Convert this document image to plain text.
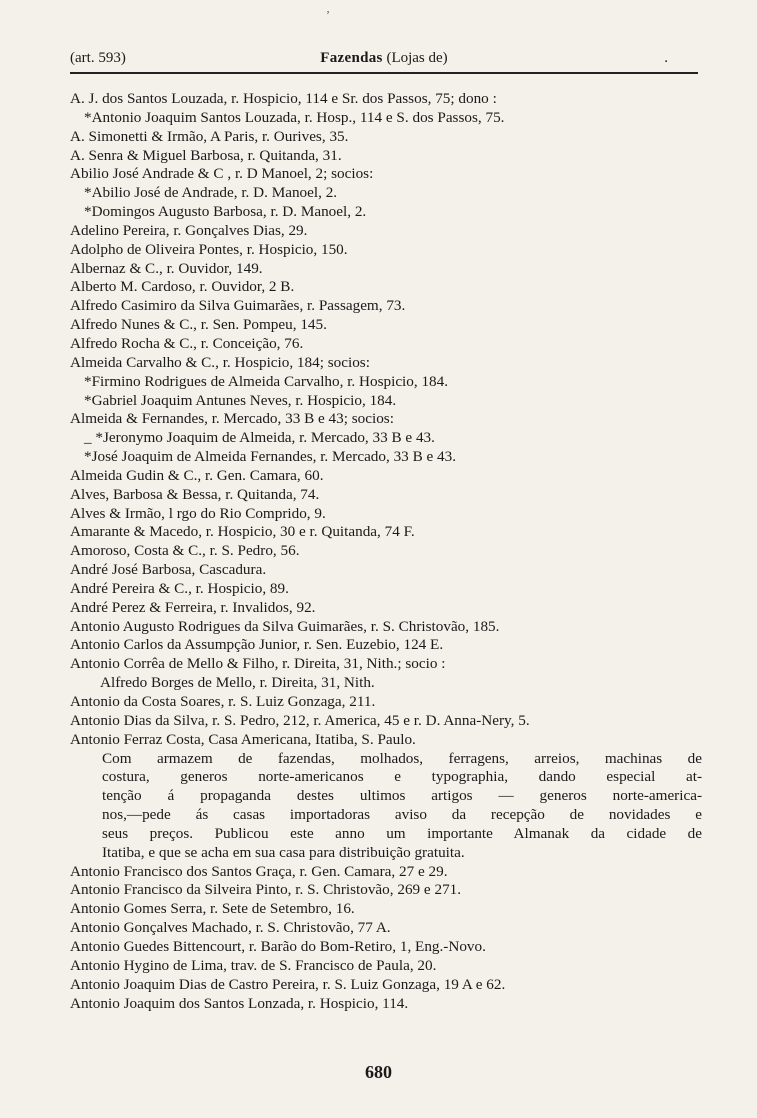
ʼ
(art. 593)	Fazendas (Lojas de)	.
A. J. dos Santos Louzada, r. Hospicio, 114 e Sr. dos Passos, 75; dono :
*Antonio Joaquim Santos Louzada, r. Hosp., 114 e S. dos Passos, 75.
A. Simonetti & Irmão, A Paris, r. Ourives, 35.
A. Senra & Miguel Barbosa, r. Quitanda, 31.
Abilio José Andrade & C , r. D Manoel, 2; socios:
*Abilio José de Andrade, r. D. Manoel, 2.
*Domingos Augusto Barbosa, r. D. Manoel, 2.
Adelino Pereira, r. Gonçalves Dias, 29.
Adolpho de Oliveira Pontes, r. Hospicio, 150.
Albernaz & C., r. Ouvidor, 149.
Alberto M. Cardoso, r. Ouvidor, 2 B.
Alfredo Casimiro da Silva Guimarães, r. Passagem, 73.
Alfredo Nunes & C., r. Sen. Pompeu, 145.
Alfredo Rocha & C., r. Conceição, 76.
Almeida Carvalho & C., r. Hospicio, 184; socios:
*Firmino Rodrigues de Almeida Carvalho, r. Hospicio, 184.
*Gabriel Joaquim Antunes Neves, r. Hospicio, 184.
Almeida & Fernandes, r. Mercado, 33 B e 43; socios:
_ *Jeronymo Joaquim de Almeida, r. Mercado, 33 B e 43.
*José Joaquim de Almeida Fernandes, r. Mercado, 33 B e 43.
Almeida Gudin & C., r. Gen. Camara, 60.
Alves, Barbosa & Bessa, r. Quitanda, 74.
Alves & Irmão, l rgo do Rio Comprido, 9.
Amarante & Macedo, r. Hospicio, 30 e r. Quitanda, 74 F.
Amoroso, Costa & C., r. S. Pedro, 56.
André José Barbosa, Cascadura.
André Pereira & C., r. Hospicio, 89.
André Perez & Ferreira, r. Invalidos, 92.
Antonio Augusto Rodrigues da Silva Guimarães, r. S. Christovão, 185.
Antonio Carlos da Assumpção Junior, r. Sen. Euzebio, 124 E.
Antonio Corrêa de Mello & Filho, r. Direita, 31, Nith.; socio :
Alfredo Borges de Mello, r. Direita, 31, Nith.
Antonio da Costa Soares, r. S. Luiz Gonzaga, 211.
Antonio Dias da Silva, r. S. Pedro, 212, r. America, 45 e r. D. Anna-Nery, 5.
Antonio Ferraz Costa, Casa Americana, Itatiba, S. Paulo.
Com armazem de fazendas, molhados, ferragens, arreios, machinas de
costura, generos norte-americanos e typographia, dando especial at-
tenção á propaganda destes ultimos artigos — generos norte-america-
nos,—pede ás casas importadoras aviso da recepção de novidades e
seus preços. Publicou este anno um importante Almanak da cidade de
Itatiba, e que se acha em sua casa para distribuição gratuita.
Antonio Francisco dos Santos Graça, r. Gen. Camara, 27 e 29.
Antonio Francisco da Silveira Pinto, r. S. Christovão, 269 e 271.
Antonio Gomes Serra, r. Sete de Setembro, 16.
Antonio Gonçalves Machado, r. S. Christovão, 77 A.
Antonio Guedes Bittencourt, r. Barão do Bom-Retiro, 1, Eng.-Novo.
Antonio Hygino de Lima, trav. de S. Francisco de Paula, 20.
Antonio Joaquim Dias de Castro Pereira, r. S. Luiz Gonzaga, 19 A e 62.
Antonio Joaquim dos Santos Lonzada, r. Hospicio, 114.
680
